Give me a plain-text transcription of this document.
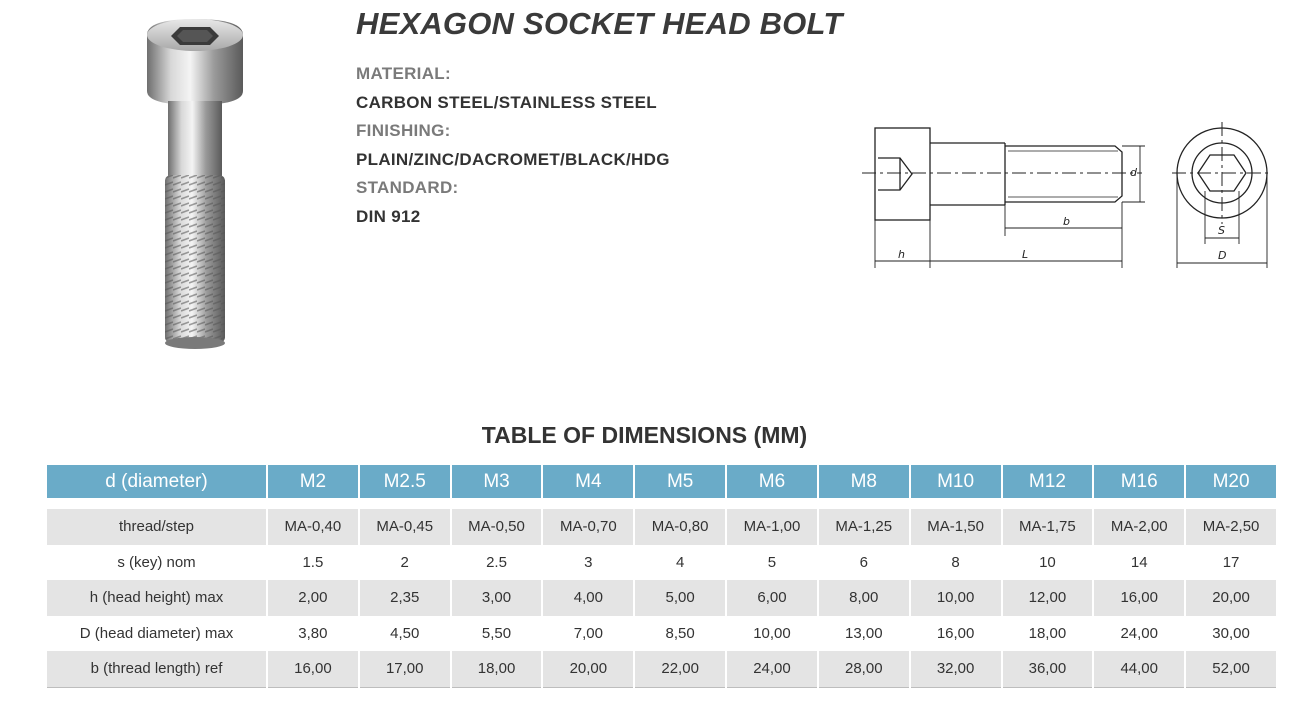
HEXAGON SOCKET HEAD BOLT
MATERIAL:
CARBON STEEL/STAINLESS STEEL
FINISHING:
PLAIN/ZINC/DACROMET/BLACK/HDG
STANDARD:
DIN 912
h	L
b
d
S
D
TABLE OF DIMENSIONS (MM)
d (diameter)	M2	M2.5	M3	M4	M5	M6	M8	M10	M12	M16	M20

thread/step	MA-0,40	MA-0,45	MA-0,50	MA-0,70	MA-0,80	MA-1,00	MA-1,25	MA-1,50	MA-1,75	MA-2,00	MA-2,50
s (key) nom	1.5	2	2.5	3	4	5	6	8	10	14	17
h (head height) max	2,00	2,35	3,00	4,00	5,00	6,00	8,00	10,00	12,00	16,00	20,00
D (head diameter) max	3,80	4,50	5,50	7,00	8,50	10,00	13,00	16,00	18,00	24,00	30,00
b (thread length) ref	16,00	17,00	18,00	20,00	22,00	24,00	28,00	32,00	36,00	44,00	52,00
